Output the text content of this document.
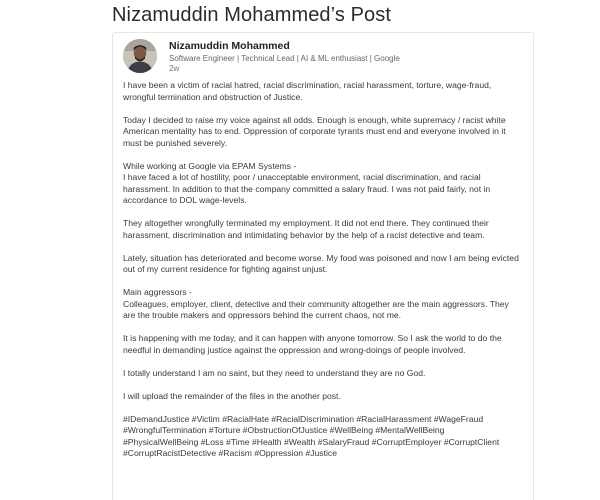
Nizamuddin Mohammed’s Post
Nizamuddin Mohammed
Software Engineer | Technical Lead | AI & ML enthusiast | Google
2w

I have been a victim of racial hatred, racial discrimination, racial harassment, torture, wage-fraud, wrongful termination and obstruction of Justice.

Today I decided to raise my voice against all odds. Enough is enough, white supremacy / racist white American mentality has to end. Oppression of corporate tyrants must end and everyone involved in it must be punished severely.

While working at Google via EPAM Systems -

I have faced a lot of hostility, poor / unacceptable environment, racial discrimination, and racial harassment. In addition to that the company committed a salary fraud. I was not paid fairly, not in accordance to DOL wage-levels.

They altogether wrongfully terminated my employment. It did not end there. They continued their harassment, discrimination and intimidating behavior by the help of a racist detective and team.

Lately, situation has deteriorated and become worse. My food was poisoned and now I am being evicted out of my current residence for fighting against unjust.

Main aggressors -

Colleagues, employer, client, detective and their community altogether are the main aggressors. They are the trouble makers and oppressors behind the current chaos, not me.

It is happening with me today, and it can happen with anyone tomorrow. So I ask the world to do the needful in demanding justice against the oppression and wrong-doings of people involved.

I totally understand I am no saint, but they need to understand they are no God.

I will upload the remainder of the files in the another post.

#IDemandJustice #Victim #RacialHate #RacialDiscrimination #RacialHarassment #WageFraud #WrongfulTermination #Torture #ObstructionOfJustice #WellBeing #MentalWellBeing #PhysicalWellBeing #Loss #Time #Health #Wealth #SalaryFraud #CorruptEmployer #CorruptClient #CorruptRacistDetective #Racism #Oppression #Justice
